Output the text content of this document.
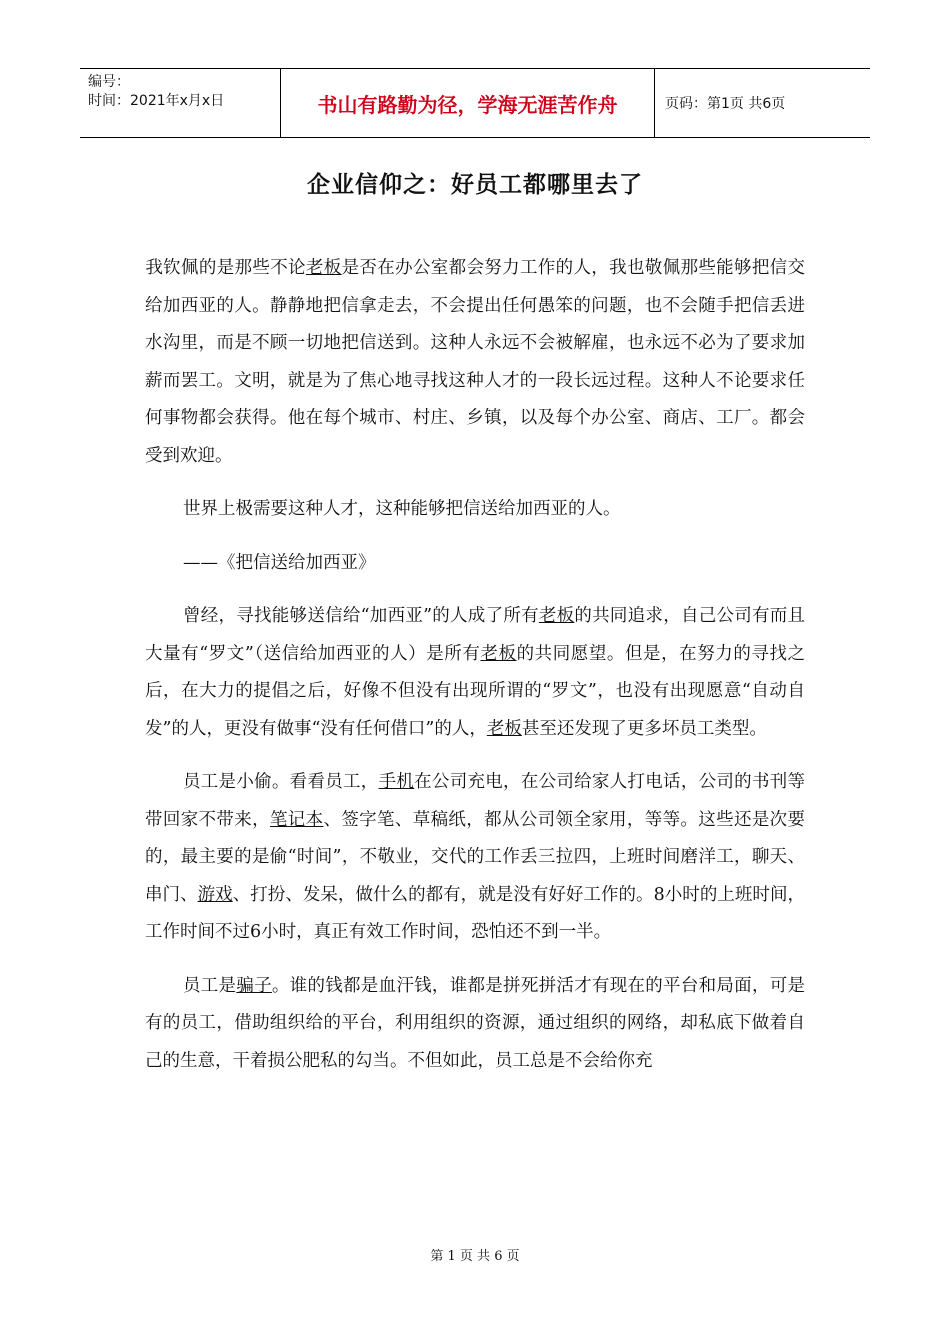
编号：
时间：2021年x月x日	书山有路勤为径，学海无涯苦作舟	页码：第1页 共6页
企业信仰之：好员工都哪里去了

我钦佩的是那些不论老板是否在办公室都会努力工作的人，我也敬佩那些能够把信交给加西亚的人。静静地把信拿走去，不会提出任何愚笨的问题，也不会随手把信丢进水沟里，而是不顾一切地把信送到。这种人永远不会被解雇，也永远不必为了要求加薪而罢工。文明，就是为了焦心地寻找这种人才的一段长远过程。这种人不论要求任何事物都会获得。他在每个城市、村庄、乡镇，以及每个办公室、商店、工厂。都会受到欢迎。

世界上极需要这种人才，这种能够把信送给加西亚的人。

——《把信送给加西亚》

曾经，寻找能够送信给“加西亚”的人成了所有老板的共同追求，自己公司有而且大量有“罗文”（送信给加西亚的人）是所有老板的共同愿望。但是，在努力的寻找之后，在大力的提倡之后，好像不但没有出现所谓的“罗文”，也没有出现愿意“自动自发”的人，更没有做事“没有任何借口”的人，老板甚至还发现了更多坏员工类型。

员工是小偷。看看员工，手机在公司充电，在公司给家人打电话，公司的书刊等带回家不带来，笔记本、签字笔、草稿纸，都从公司领全家用，等等。这些还是次要的，最主要的是偷“时间”，不敬业，交代的工作丢三拉四，上班时间磨洋工，聊天、串门、游戏、打扮、发呆，做什么的都有，就是没有好好工作的。8小时的上班时间，工作时间不过6小时，真正有效工作时间，恐怕还不到一半。

员工是骗子。谁的钱都是血汗钱，谁都是拼死拼活才有现在的平台和局面，可是有的员工，借助组织给的平台，利用组织的资源，通过组织的网络，却私底下做着自己的生意，干着损公肥私的勾当。不但如此，员工总是不会给你充

第 1 页 共 6 页
